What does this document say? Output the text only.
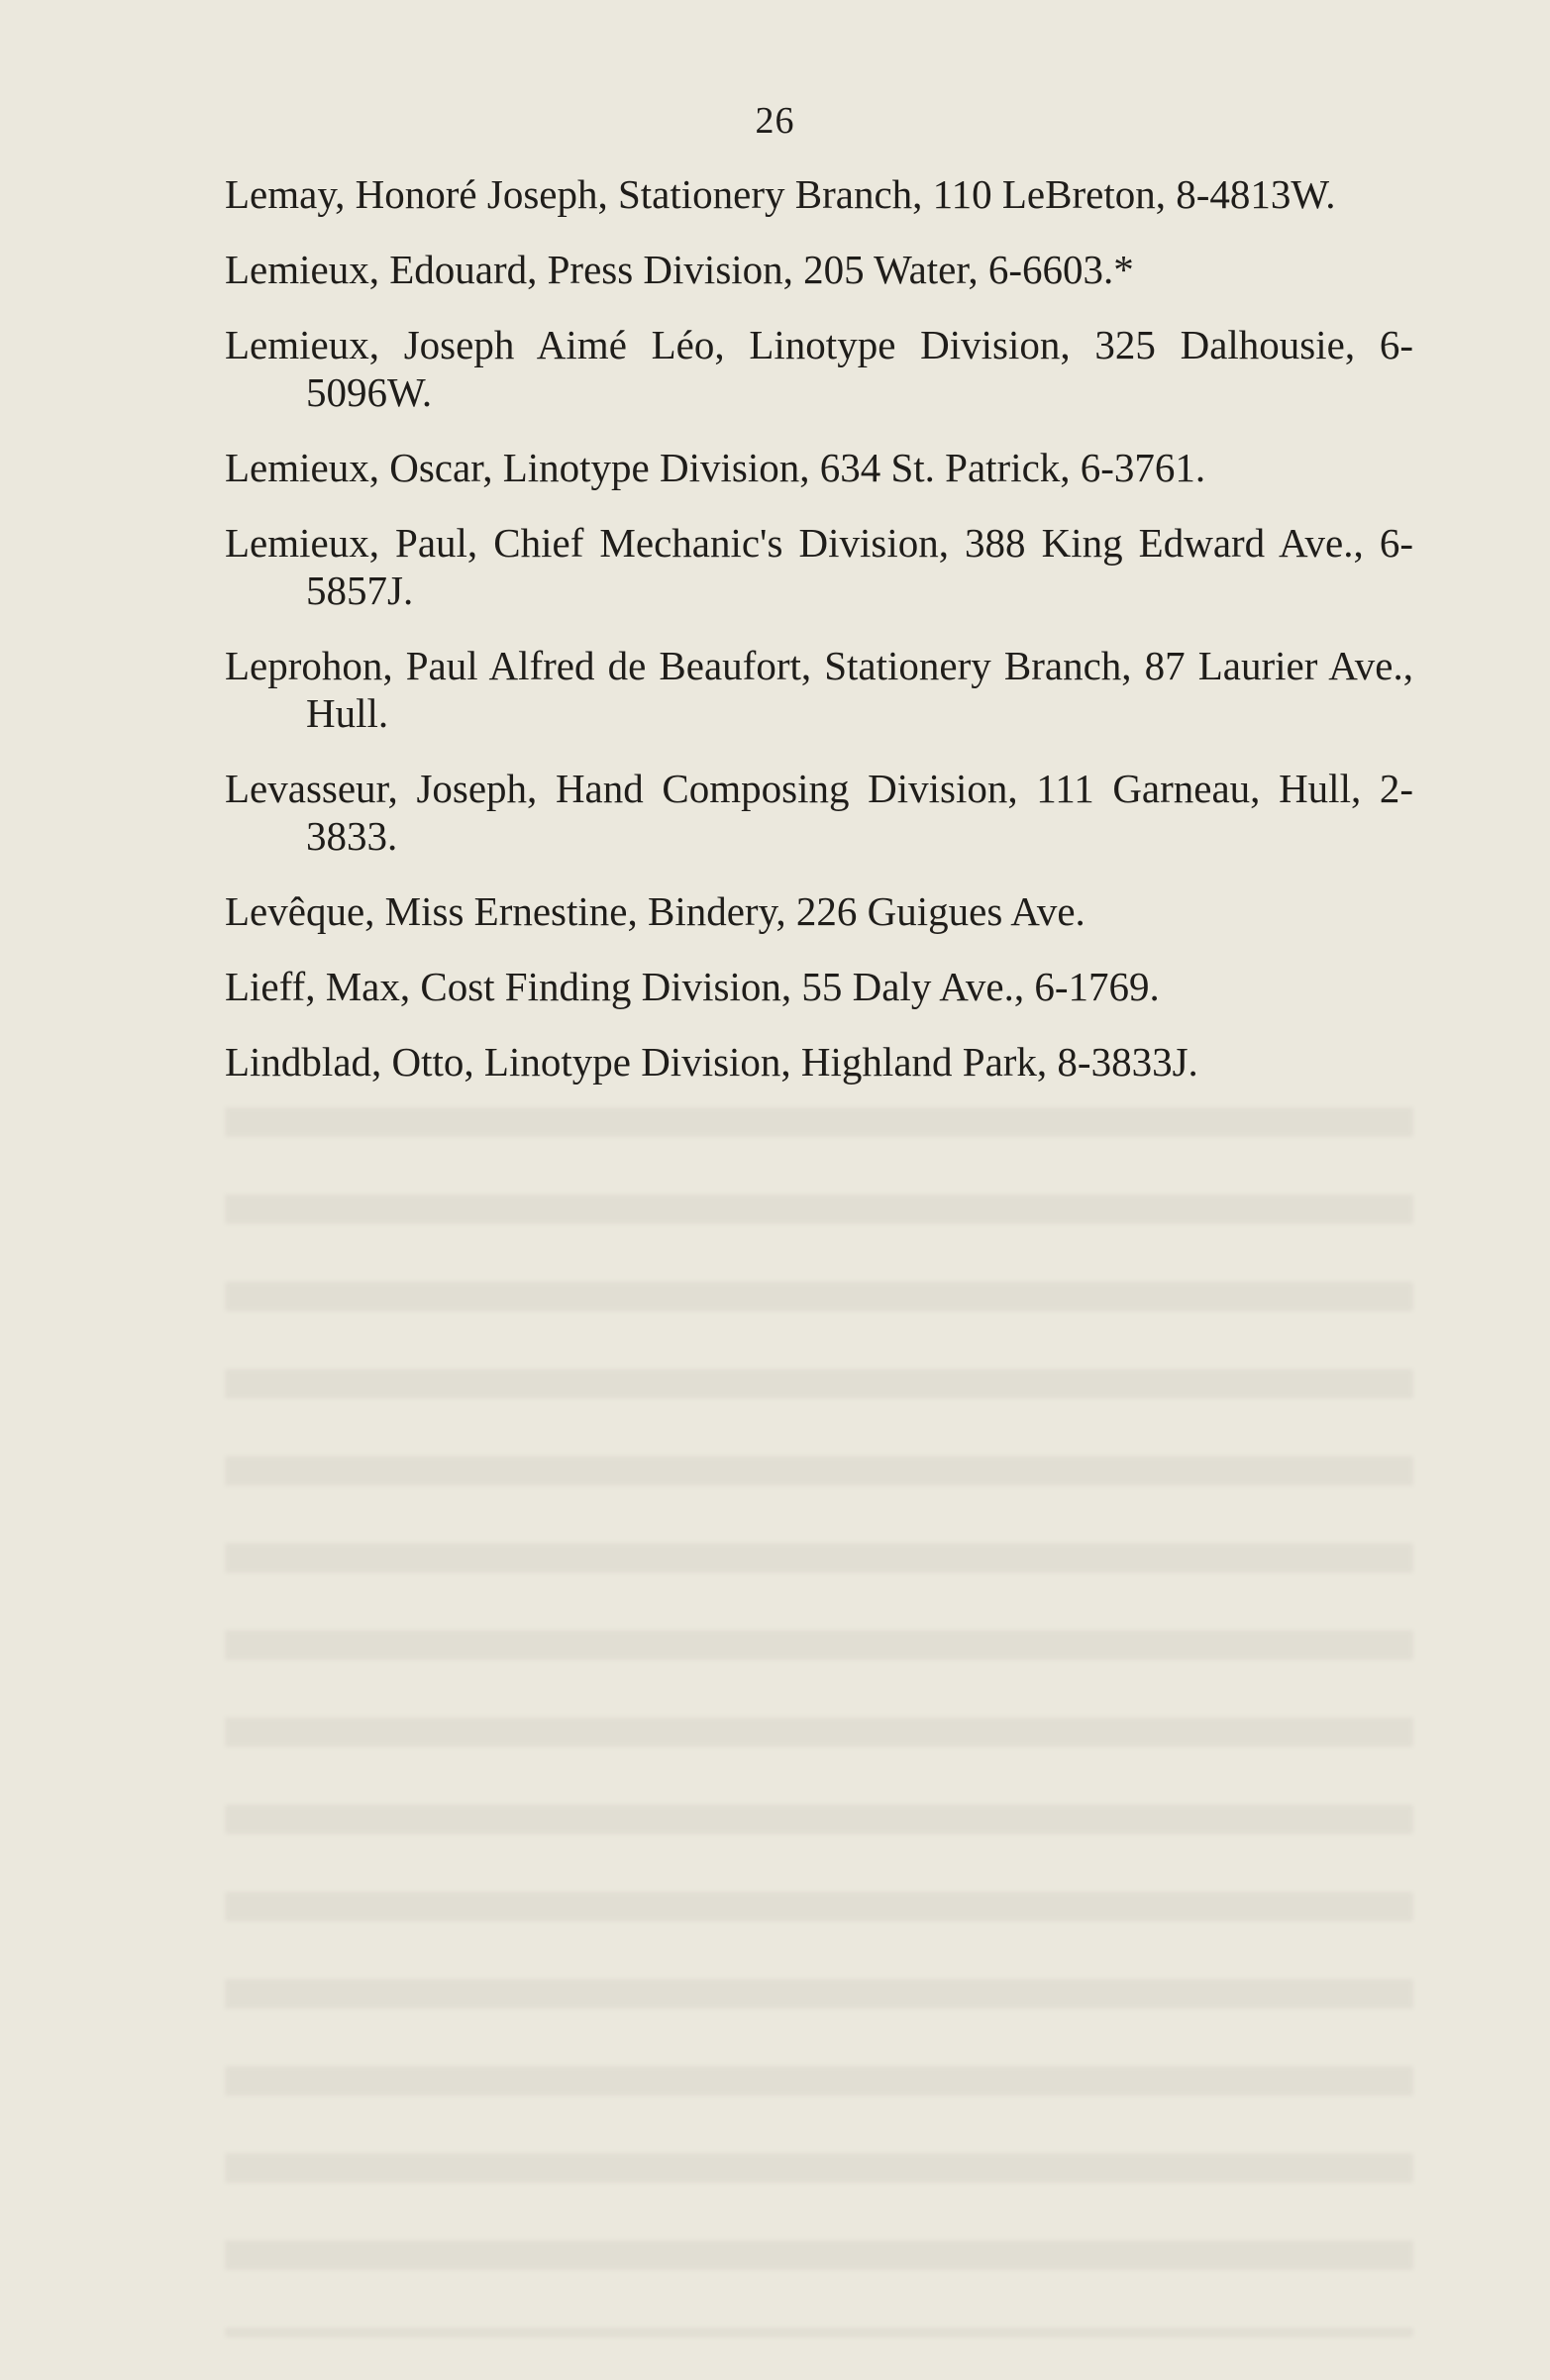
26

Lemay, Honoré Joseph, Stationery Branch, 110 LeBreton, 8-4813W.

Lemieux, Edouard, Press Division, 205 Water, 6-6603.*

Lemieux, Joseph Aimé Léo, Linotype Division, 325 Dalhousie, 6-5096W.

Lemieux, Oscar, Linotype Division, 634 St. Patrick, 6-3761.

Lemieux, Paul, Chief Mechanic's Division, 388 King Edward Ave., 6-5857J.

Leprohon, Paul Alfred de Beaufort, Stationery Branch, 87 Laurier Ave., Hull.

Levasseur, Joseph, Hand Composing Division, 111 Garneau, Hull, 2-3833.

Levêque, Miss Ernestine, Bindery, 226 Guigues Ave.

Lieff, Max, Cost Finding Division, 55 Daly Ave., 6-1769.

Lindblad, Otto, Linotype Division, Highland Park, 8-3833J.
